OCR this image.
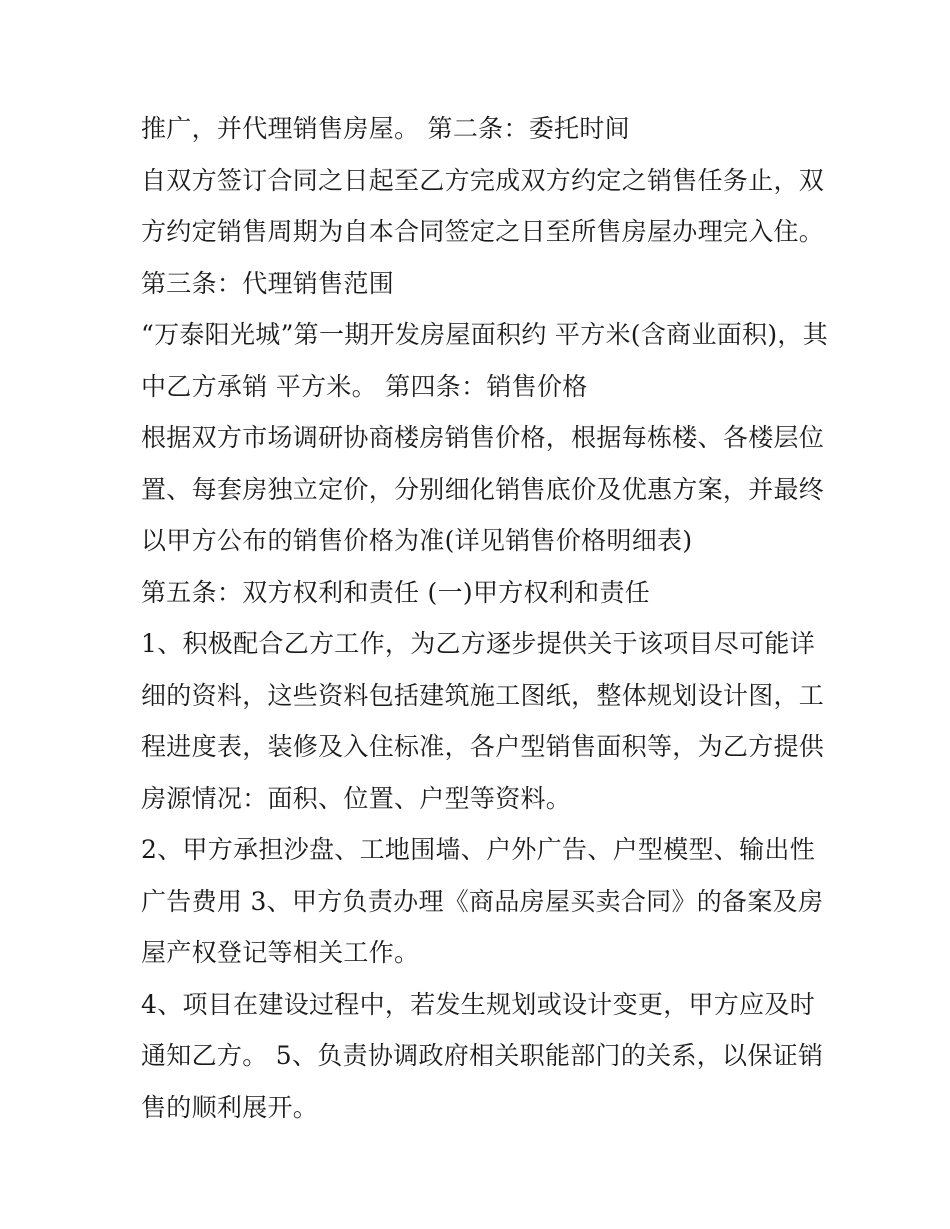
推广，并代理销售房屋。 第二条：委托时间
自双方签订合同之日起至乙方完成双方约定之销售任务止，双
方约定销售周期为自本合同签定之日至所售房屋办理完入住。
第三条：代理销售范围
“万泰阳光城”第一期开发房屋面积约 平方米(含商业面积)，其
中乙方承销 平方米。 第四条：销售价格
根据双方市场调研协商楼房销售价格，根据每栋楼、各楼层位
置、每套房独立定价，分别细化销售底价及优惠方案，并最终
以甲方公布的销售价格为准(详见销售价格明细表)
第五条：双方权利和责任 (一)甲方权利和责任
1、积极配合乙方工作，为乙方逐步提供关于该项目尽可能详
细的资料，这些资料包括建筑施工图纸，整体规划设计图，工
程进度表，装修及入住标准，各户型销售面积等，为乙方提供
房源情况：面积、位置、户型等资料。
2、甲方承担沙盘、工地围墙、户外广告、户型模型、输出性
广告费用 3、甲方负责办理《商品房屋买卖合同》的备案及房
屋产权登记等相关工作。
4、项目在建设过程中，若发生规划或设计变更，甲方应及时
通知乙方。 5、负责协调政府相关职能部门的关系，以保证销
售的顺利展开。
